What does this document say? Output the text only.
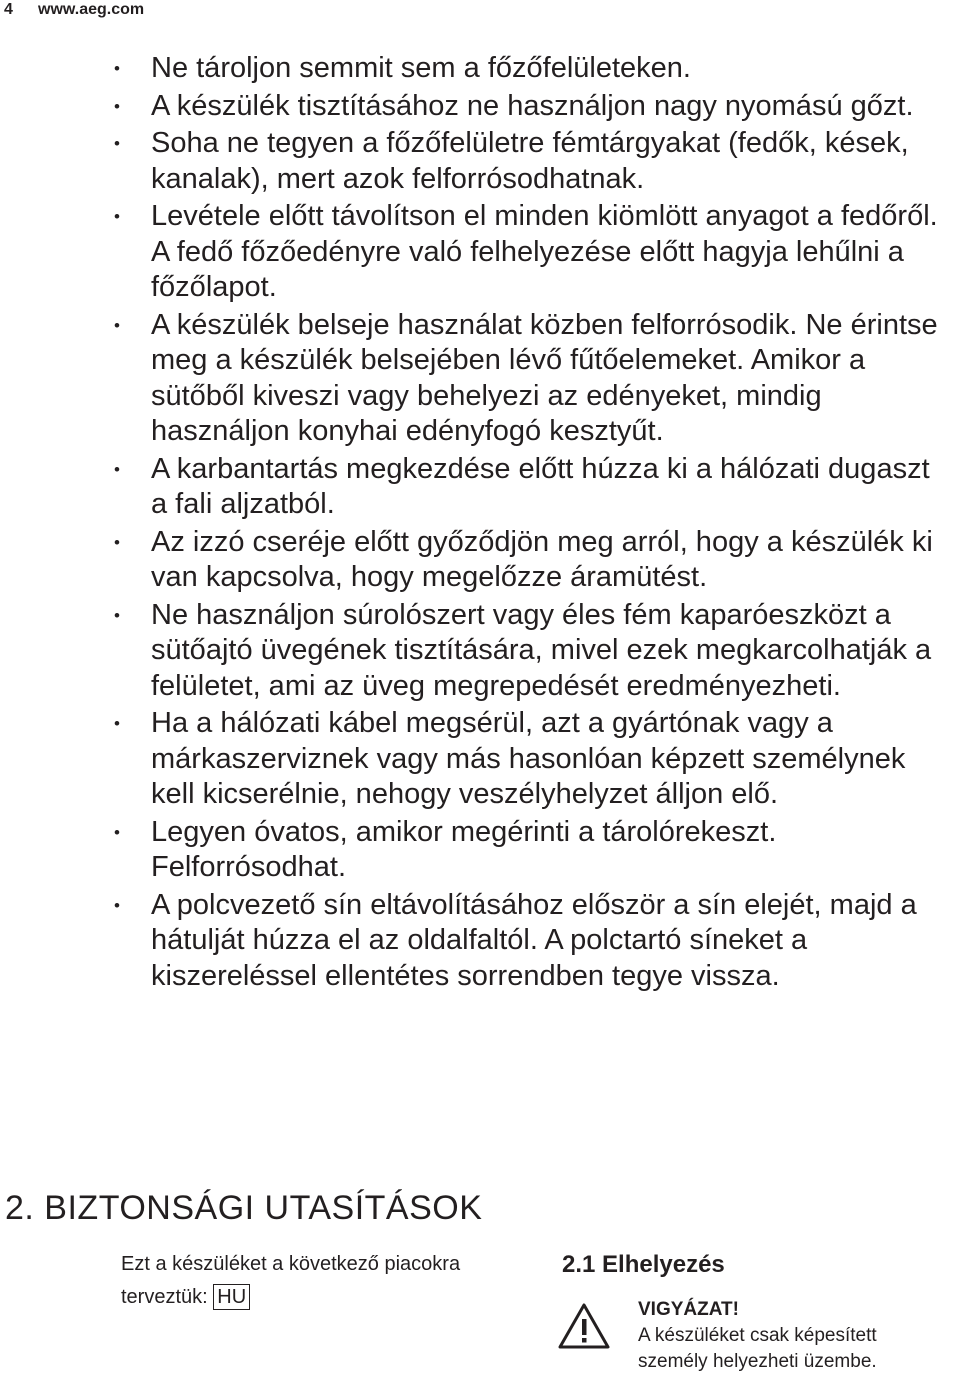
4 www.aeg.com
• Ne tároljon semmit sem a főzőfelületeken.
• A készülék tisztításához ne használjon nagy nyomású gőzt.
• Soha ne tegyen a főzőfelületre fémtárgyakat (fedők, kések, kanalak), mert azok felforrósodhatnak.
• Levétele előtt távolítson el minden kiömlött anyagot a fedőről. A fedő főzőedényre való felhelyezése előtt hagyja lehűlni a főzőlapot.
• A készülék belseje használat közben felforrósodik. Ne érintse meg a készülék belsejében lévő fűtőelemeket. Amikor a sütőből kiveszi vagy behelyezi az edényeket, mindig használjon konyhai edényfogó kesztyűt.
• A karbantartás megkezdése előtt húzza ki a hálózati dugaszt a fali aljzatból.
• Az izzó cseréje előtt győződjön meg arról, hogy a készülék ki van kapcsolva, hogy megelőzze áramütést.
• Ne használjon súrolószert vagy éles fém kaparóeszközt a sütőajtó üvegének tisztítására, mivel ezek megkarcolhatják a felületet, ami az üveg megrepedését eredményezheti.
• Ha a hálózati kábel megsérül, azt a gyártónak vagy a márkaszerviznek vagy más hasonlóan képzett személynek kell kicserélnie, nehogy veszélyhelyzet álljon elő.
• Legyen óvatos, amikor megérinti a tárolórekeszt. Felforrósodhat.
• A polcvezető sín eltávolításához először a sín elejét, majd a hátulját húzza el az oldalfaltól. A polctartó síneket a kiszereléssel ellentétes sorrendben tegye vissza.
2. BIZTONSÁGI UTASÍTÁSOK
Ezt a készüléket a következő piacokra
terveztük: HU
2.1 Elhelyezés
VIGYÁZAT!
A készüléket csak képesített személy helyezheti üzembe.
